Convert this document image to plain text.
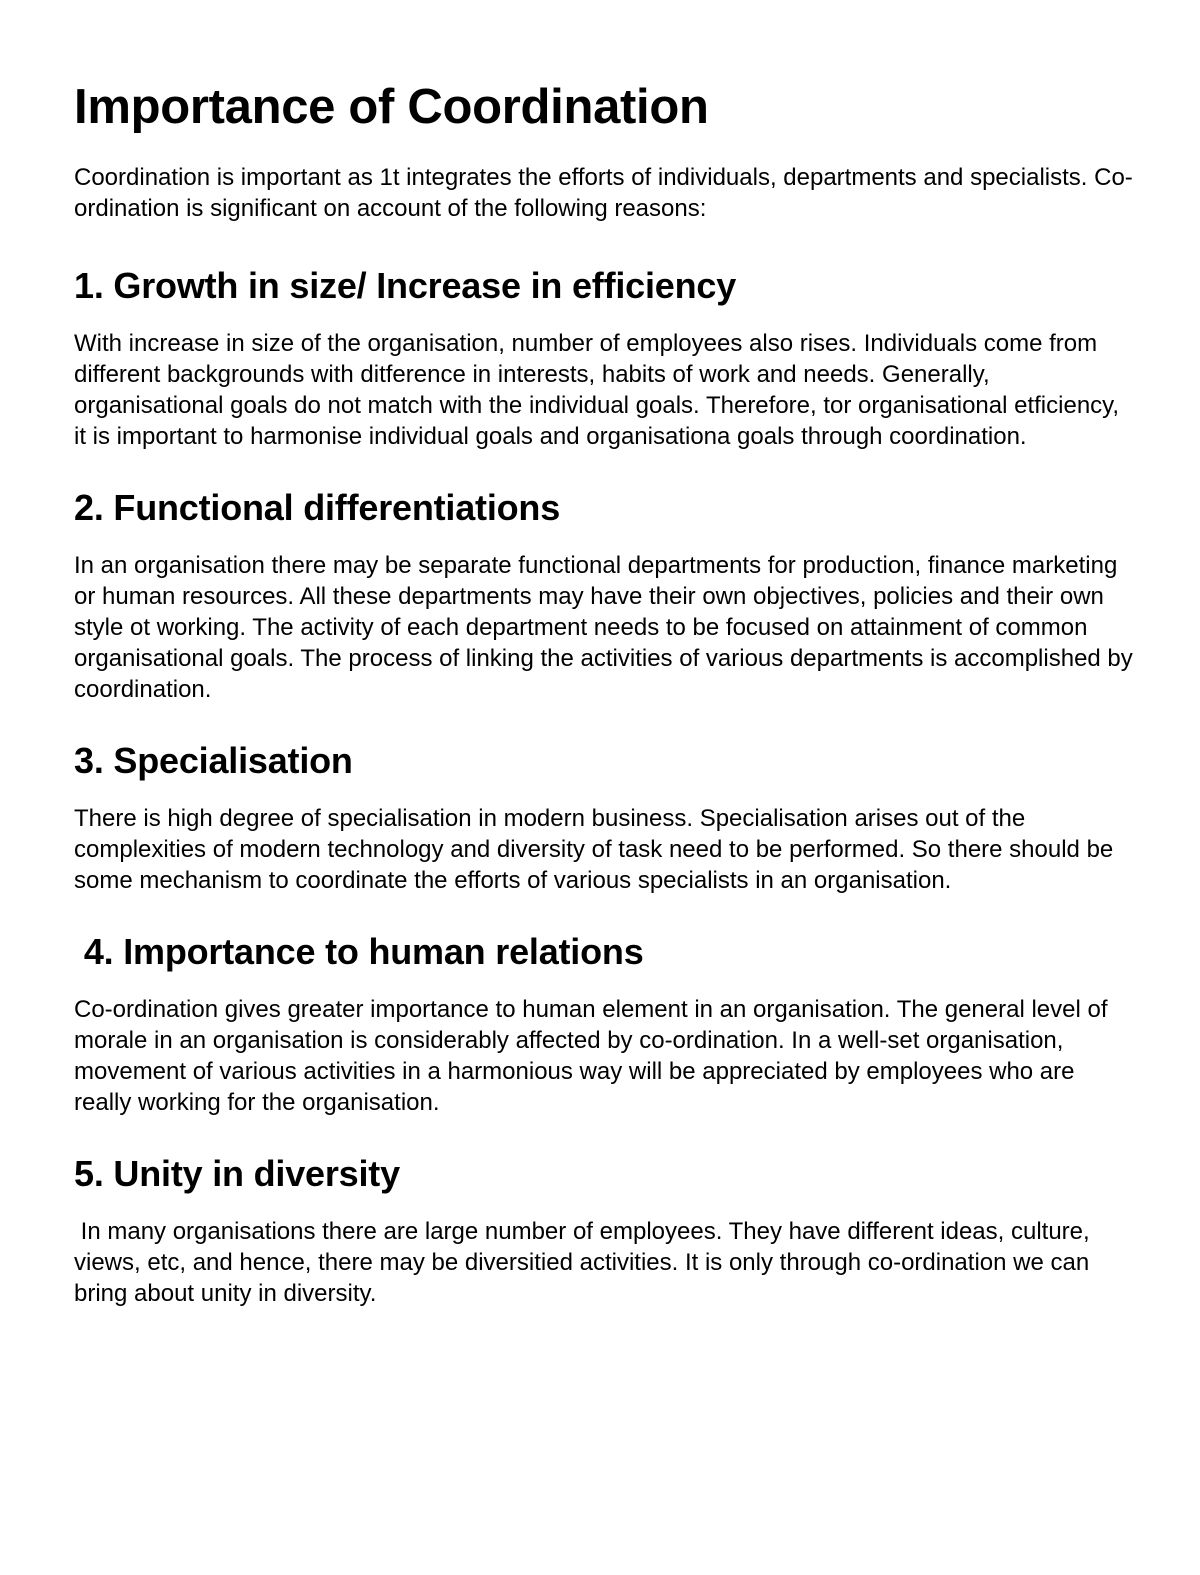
Importance of Coordination

Coordination is important as 1t integrates the efforts of individuals, departments and specialists. Co-ordination is significant on account of the following reasons:

1. Growth in size/ Increase in efficiency

With increase in size of the organisation, number of employees also rises. Individuals come from different backgrounds with ditference in interests, habits of work and needs. Generally, organisational goals do not match with the individual goals. Therefore, tor organisational etficiency, it is important to harmonise individual goals and organisationa goals through coordination.

2. Functional differentiations

In an organisation there may be separate functional departments for production, finance marketing or human resources. All these departments may have their own objectives, policies and their own style ot working. The activity of each department needs to be focused on attainment of common organisational goals. The process of linking the activities of various departments is accomplished by coordination.

3. Specialisation

There is high degree of specialisation in modern business. Specialisation arises out of the complexities of modern technology and diversity of task need to be performed. So there should be some mechanism to coordinate the efforts of various specialists in an organisation.

4. Importance to human relations

Co-ordination gives greater importance to human element in an organisation. The general level of morale in an organisation is considerably affected by co-ordination. In a well-set organisation, movement of various activities in a harmonious way will be appreciated by employees who are really working for the organisation.

5. Unity in diversity

In many organisations there are large number of employees. They have different ideas, culture, views, etc, and hence, there may be diversitied activities. It is only through co-ordination we can bring about unity in diversity.
